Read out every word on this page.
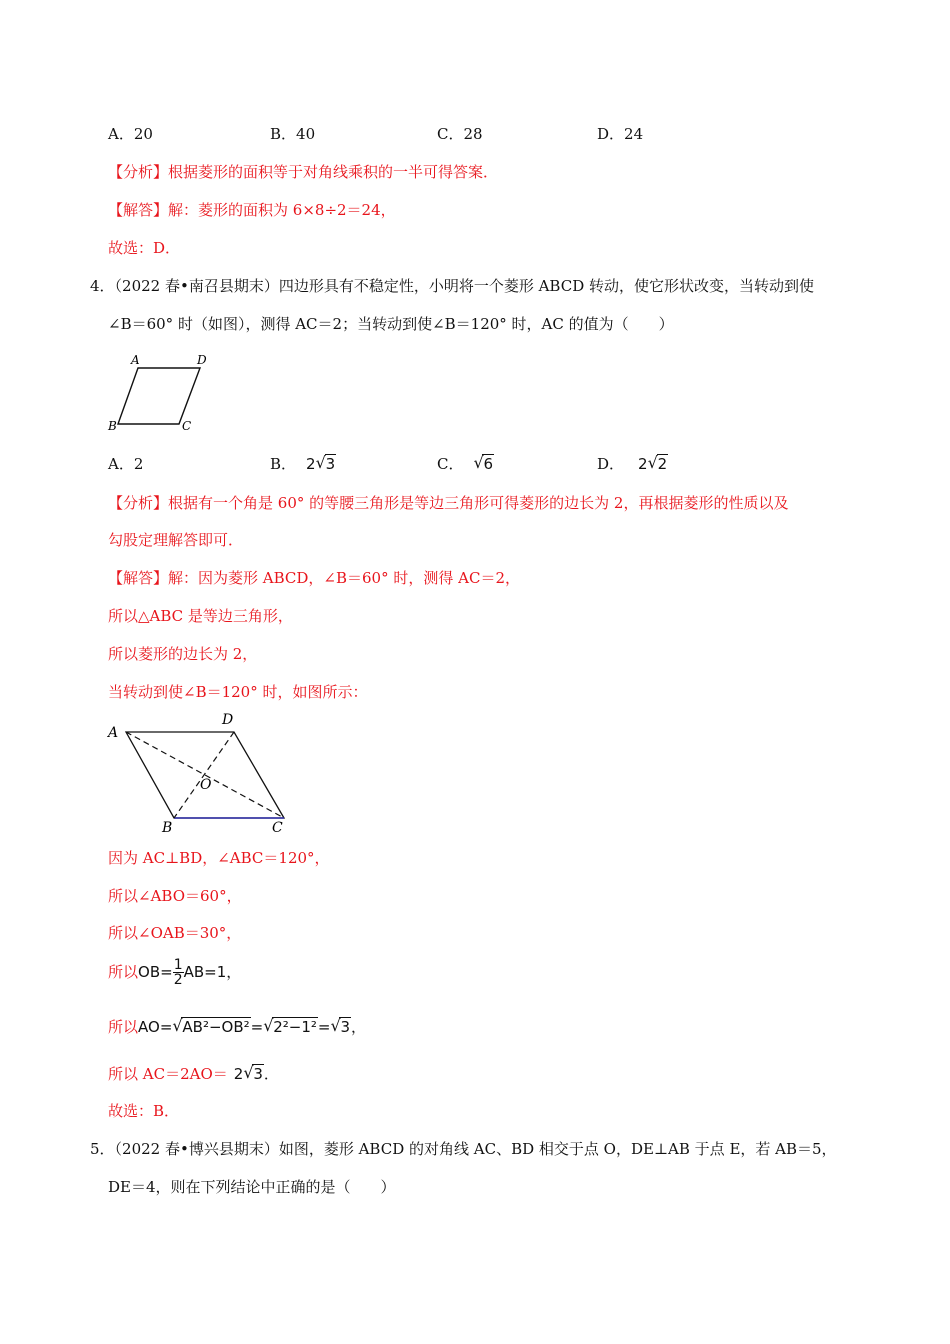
A．20	B．40	C．28	D．24
【分析】根据菱形的面积等于对角线乘积的一半可得答案．
【解答】解：菱形的面积为 6×8÷2＝24，
故选：D．
4．（2022 春•南召县期末）四边形具有不稳定性，小明将一个菱形 ABCD 转动，使它形状改变，当转动到使
∠B＝60° 时（如图），测得 AC＝2；当转动到使∠B＝120° 时，AC 的值为（　　）
A	D
B	C
A．2	B． 2 √ 3	C． √ 6	D． 2 √ 2
【分析】根据有一个角是 60° 的等腰三角形是等边三角形可得菱形的边长为 2，再根据菱形的性质以及
勾股定理解答即可．
【解答】解：因为菱形 ABCD，∠B＝60° 时，测得 AC＝2，
所以△ABC 是等边三角形，
所以菱形的边长为 2，
当转动到使∠B＝120° 时，如图所示：
A
D
O
B	C
因为 AC⊥BD，∠ABC＝120°，
所以∠ABO＝60°，
所以∠OAB＝30°，
所以$OB= \frac{1}{2} AB=1$，
所以AO= √ AB²−OB²= √ 2²−1²= √ 3，
所以 AC＝2AO＝ 2 √ 3．
故选：B．
5．（2022 春•博兴县期末）如图，菱形 ABCD 的对角线 AC、BD 相交于点 O，DE⊥AB 于点 E，若 AB＝5，
DE＝4，则在下列结论中正确的是（　　）
